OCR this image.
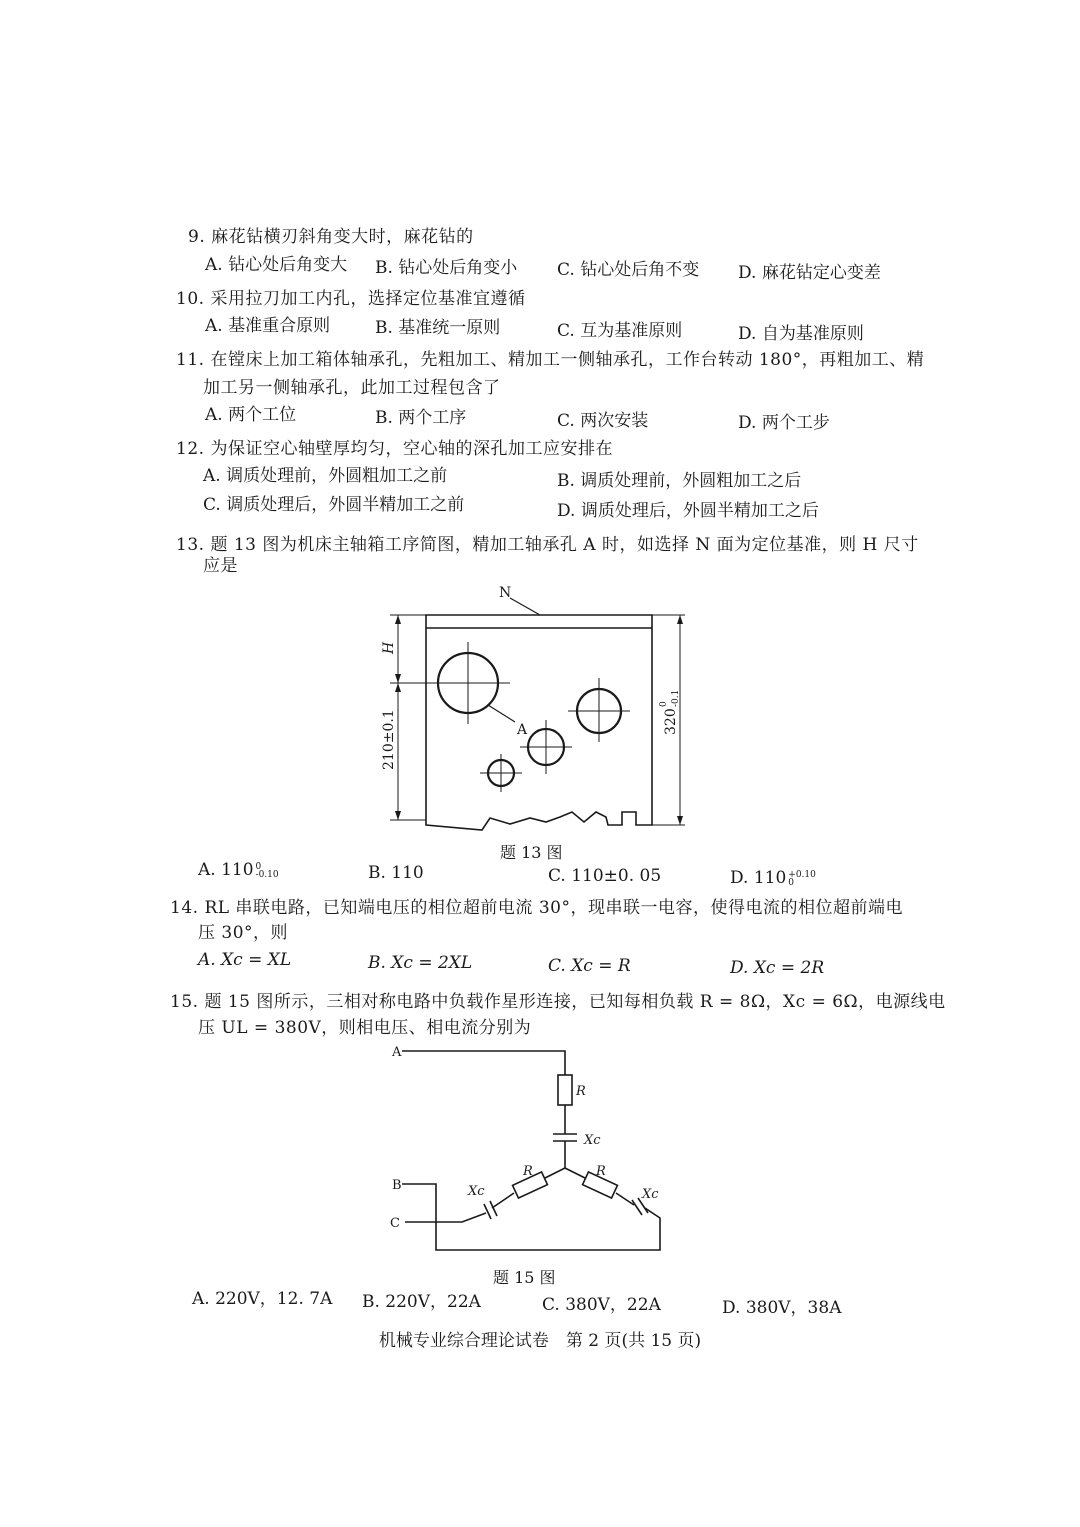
9. 麻花钻横刃斜角变大时，麻花钻的
A. 钻心处后角变大 B. 钻心处后角变小 C. 钻心处后角不变 D. 麻花钻定心变差
10. 采用拉刀加工内孔，选择定位基准宜遵循
A. 基准重合原则	B. 基准统一原则	C. 互为基准原则	D. 自为基准原则
11. 在镗床上加工箱体轴承孔，先粗加工、精加工一侧轴承孔，工作台转动 180°，再粗加工、精
加工另一侧轴承孔，此加工过程包含了
A. 两个工位	B. 两个工序	C. 两次安装	D. 两个工步
12. 为保证空心轴壁厚均匀，空心轴的深孔加工应安排在
A. 调质处理前，外圆粗加工之前	B. 调质处理前，外圆粗加工之后
C. 调质处理后，外圆半精加工之前	D. 调质处理后，外圆半精加工之后
13. 题 13 图为机床主轴箱工序简图，精加工轴承孔 A 时，如选择 N 面为定位基准，则 H 尺寸
应是
N
A
H
210±0.1	320
0 -0.1
题 13 图
A. 110 0
-0.10	B. 110	C. 110±0. 05	D. 110 +0.10
0
14. RL 串联电路，已知端电压的相位超前电流 30°，现串联一电容，使得电流的相位超前端电
压 30°，则
A. Xc = XL	B. Xc = 2XL	C. Xc = R	D. Xc = 2R
15. 题 15 图所示，三相对称电路中负载作星形连接，已知每相负载 R = 8Ω，Xc = 6Ω，电源线电
压 UL = 380V，则相电压、相电流分别为
A
B
C
R
Xc
R
Xc
R
Xc
题 15 图
A. 220V，12. 7A B. 220V，22A	C. 380V，22A	D. 380V，38A
机械专业综合理论试卷　第 2 页(共 15 页)
